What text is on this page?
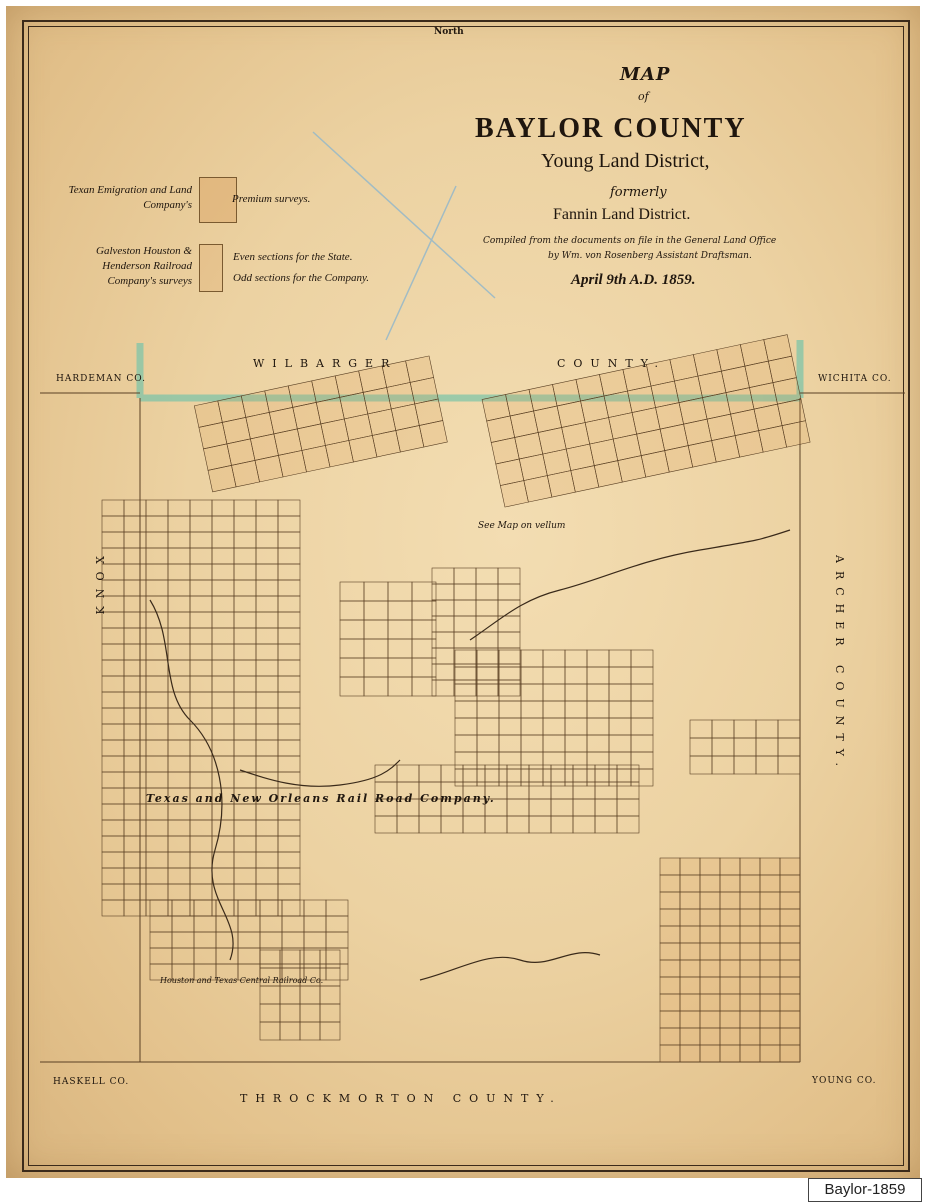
North
MAP
of
BAYLOR COUNTY
Young Land District,
formerly
Fannin Land District.
Compiled from the documents on file in the General Land Office
by Wm. von Rosenberg Assistant Draftsman.
April 9th A.D. 1859.
Texan Emigration and Land Company's	Premium surveys.
Galveston Houston & Henderson Railroad Company's surveys
Even sections for the State.
Odd sections for the Company.
WILBARGER	COUNTY.
HARDEMAN CO.	WICHITA CO.
ARCHER COUNTY.
KNOX
THROCKMORTON COUNTY.
HASKELL CO.	YOUNG CO.
Texas and New Orleans Rail Road Company.
Houston and Texas Central Railroad Co.
See Map on vellum
Baylor-1859
